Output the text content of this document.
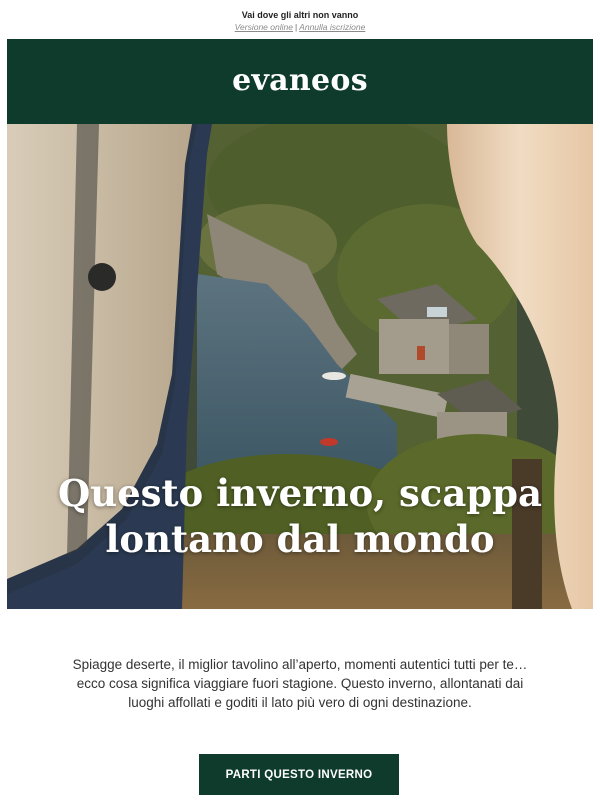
Vai dove gli altri non vanno
Versione online | Annulla iscrizione
evaneos
Questo inverno, scappa
lontano dal mondo
Spiagge deserte, il miglior tavolino all’aperto, momenti autentici tutti per te… ecco cosa significa viaggiare fuori stagione. Questo inverno, allontanati dai luoghi affollati e goditi il lato più vero di ogni destinazione.
PARTI QUESTO INVERNO
